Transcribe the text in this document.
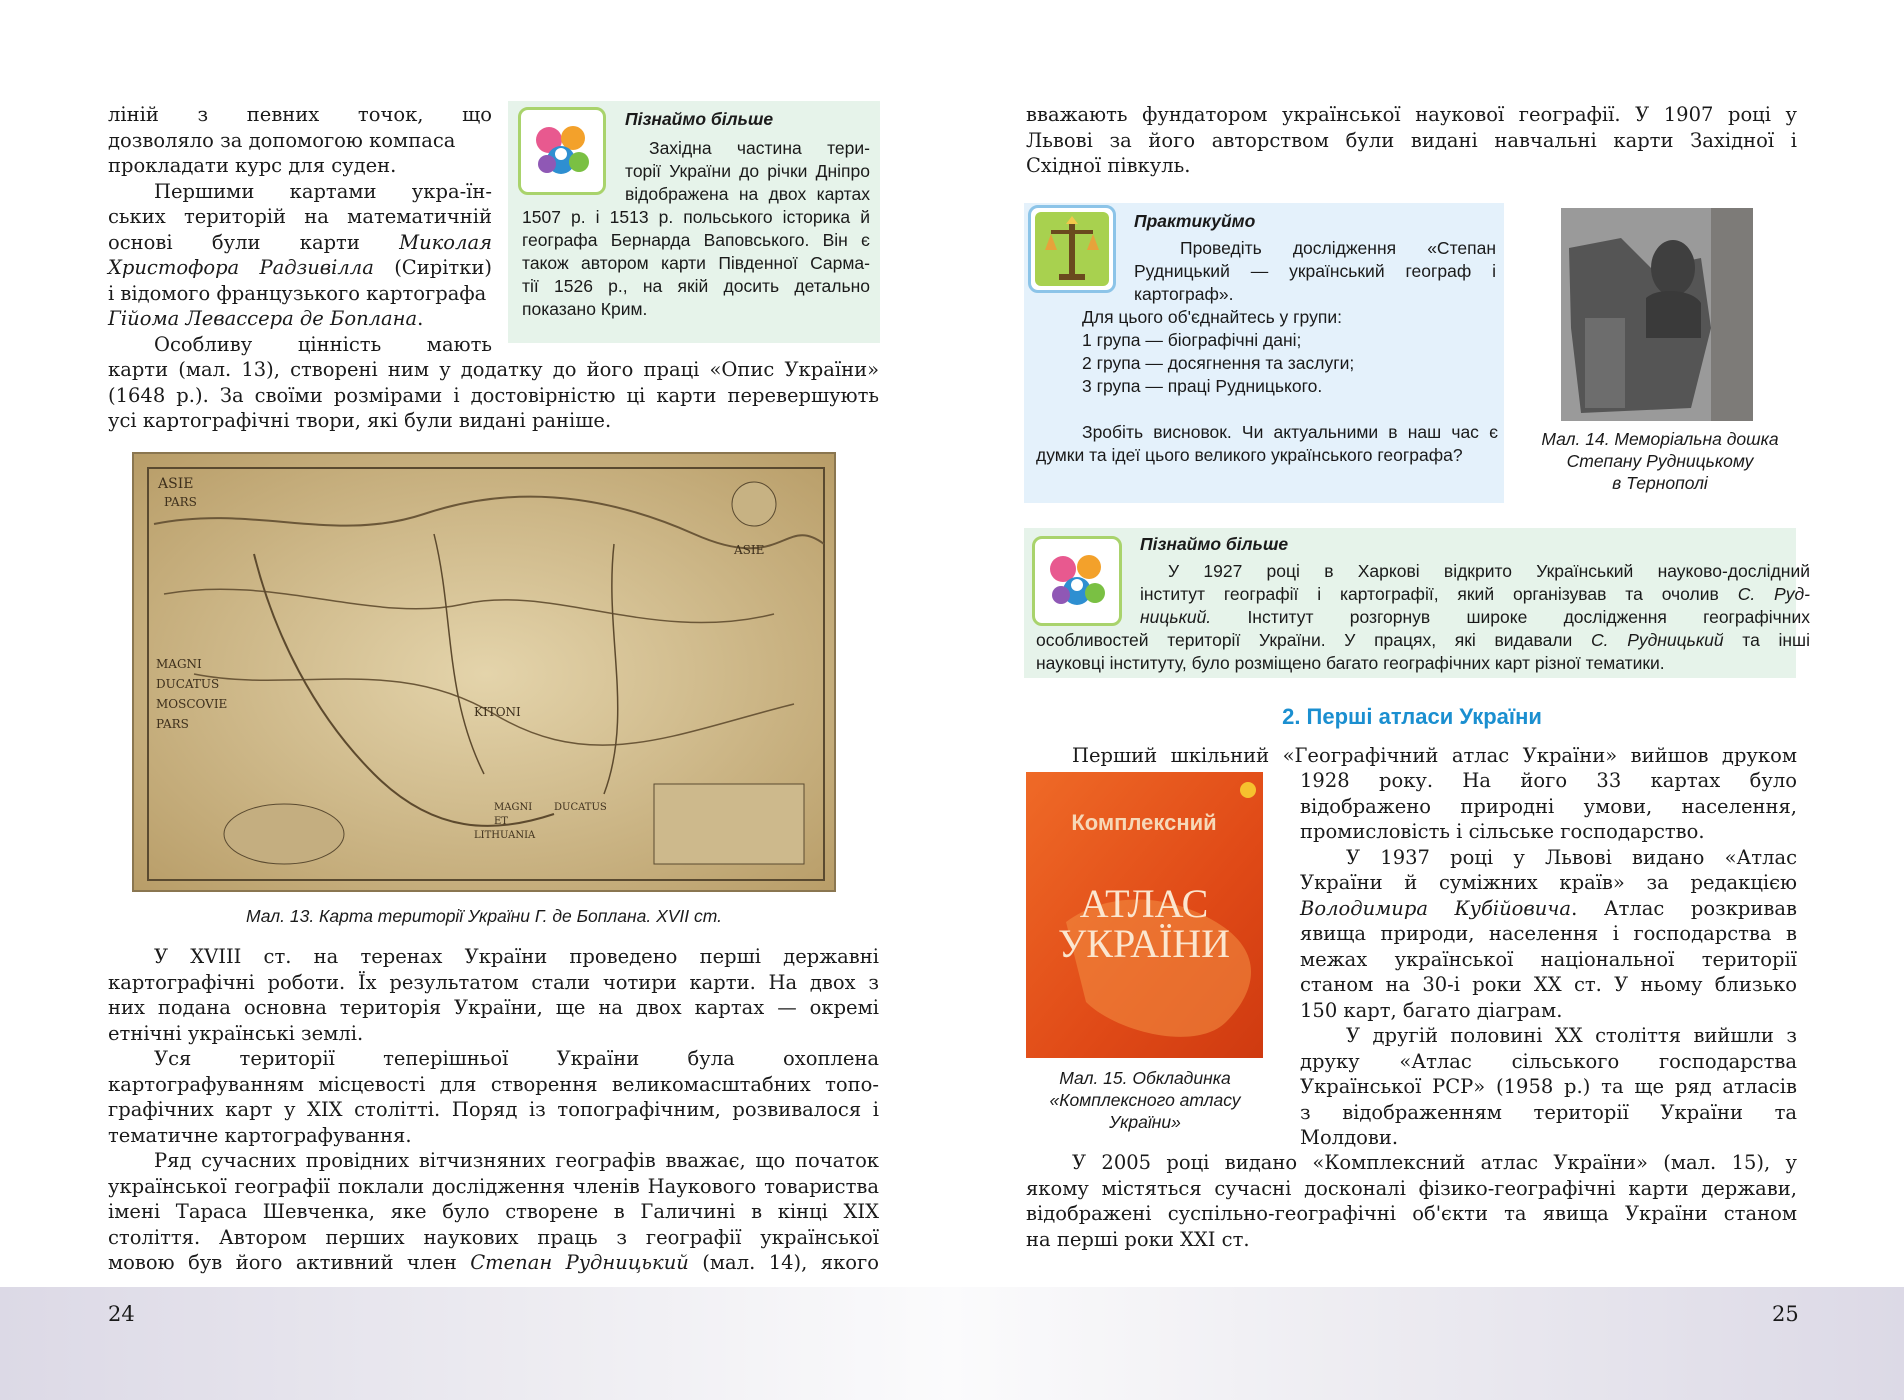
24	25
ліній з певних точок, що
дозволяло за допомогою компаса
прокладати курс для суден.
Першими картами укра-їн-
ських територій на математичній
основі були карти Миколая
Христофора Радзивілла (Сирітки)
і відомого французького картографа
Гійома Левассера де Боплана.
Особливу цінність мають
карти (мал. 13), створені ним у додатку до його праці «Опис України»
(1648 р.). За своїми розмірами і достовірністю ці карти перевершують
усі картографічні твори, які були видані раніше.
Пізнаймо більше
Західна частина тери-
торії України до річки Дніпро
відображена на двох картах
1507 р. і 1513 р. польського історика й
географа Бернарда Ваповського. Він є
також автором карти Південної Сарма-
тії 1526 р., на якій досить детально
показано Крим.
ASIE
PARS
MAGNI
DUCATUS
MOSCOVIE
PARS
ET
LITHUANIA
KITONI
ASIE
MAGNI DUCATUS
Мал. 13. Карта території України Г. де Боплана. XVII ст.
У XVIII ст. на теренах України проведено перші державні
картографічні роботи. Їх результатом стали чотири карти. На двох з
них подана основна територія України, ще на двох картах — окремі
етнічні українські землі.
Уся території теперішньої України була охоплена
картографуванням місцевості для створення великомасштабних топо-
графічних карт у XIX столітті. Поряд із топографічним, розвивалося і
тематичне картографування.
Ряд сучасних провідних вітчизняних географів вважає, що початок
української географії поклали дослідження членів Наукового товариства
імені Тараса Шевченка, яке було створене в Галичині в кінці XIX
століття. Автором перших наукових праць з географії української
мовою був його активний член Степан Рудницький (мал. 14), якого
вважають фундатором української наукової географії. У 1907 році у
Львові за його авторством були видані навчальні карти Західної і
Східної півкуль.
Практикуймо
Проведіть дослідження «Степан
Рудницький — український географ і
картограф».
Для цього об'єднайтесь у групи:
1 група — біографічні дані;
2 група — досягнення та заслуги;
3 група — праці Рудницького.
Зробіть висновок. Чи актуальними в наш час є
думки та ідеї цього великого українського географа?
Мал. 14. Меморіальна дошка
Степану Рудницькому
в Тернополі
Пізнаймо більше
У 1927 році в Харкові відкрито Український науково-дослідний
інститут географії і картографії, який організував та очолив С. Руд-
ницький. Інститут розгорнув широке дослідження географічних
особливостей території України. У працях, які видавали С. Рудницький та інші
науковці інституту, було розміщено багато географічних карт різної тематики.
2. Перші атласи України
Перший шкільний «Географічний атлас України» вийшов друком
Комплексний
АТЛАС
УКРАЇНИ
Мал. 15. Обкладинка
«Комплексного атласу
України»
1928 року. На його 33 картах було
відображено природні умови, населення,
промисловість і сільське господарство.
У 1937 році у Львові видано «Атлас
України й суміжних країв» за редакцією
Володимира Кубійовича. Атлас розкривав
явища природи, населення і господарства в
межах української національної території
станом на 30-і роки XX ст. У ньому близько
150 карт, багато діаграм.
У другій половині XX століття вийшли з
друку «Атлас сільського господарства
Української РСР» (1958 р.) та ще ряд атласів
з відображенням території України та
Молдови.
У 2005 році видано «Комплексний атлас України» (мал. 15), у
якому містяться сучасні досконалі фізико-географічні карти держави,
відображені суспільно-географічні об'єкти та явища України станом
на перші роки XXI ст.
